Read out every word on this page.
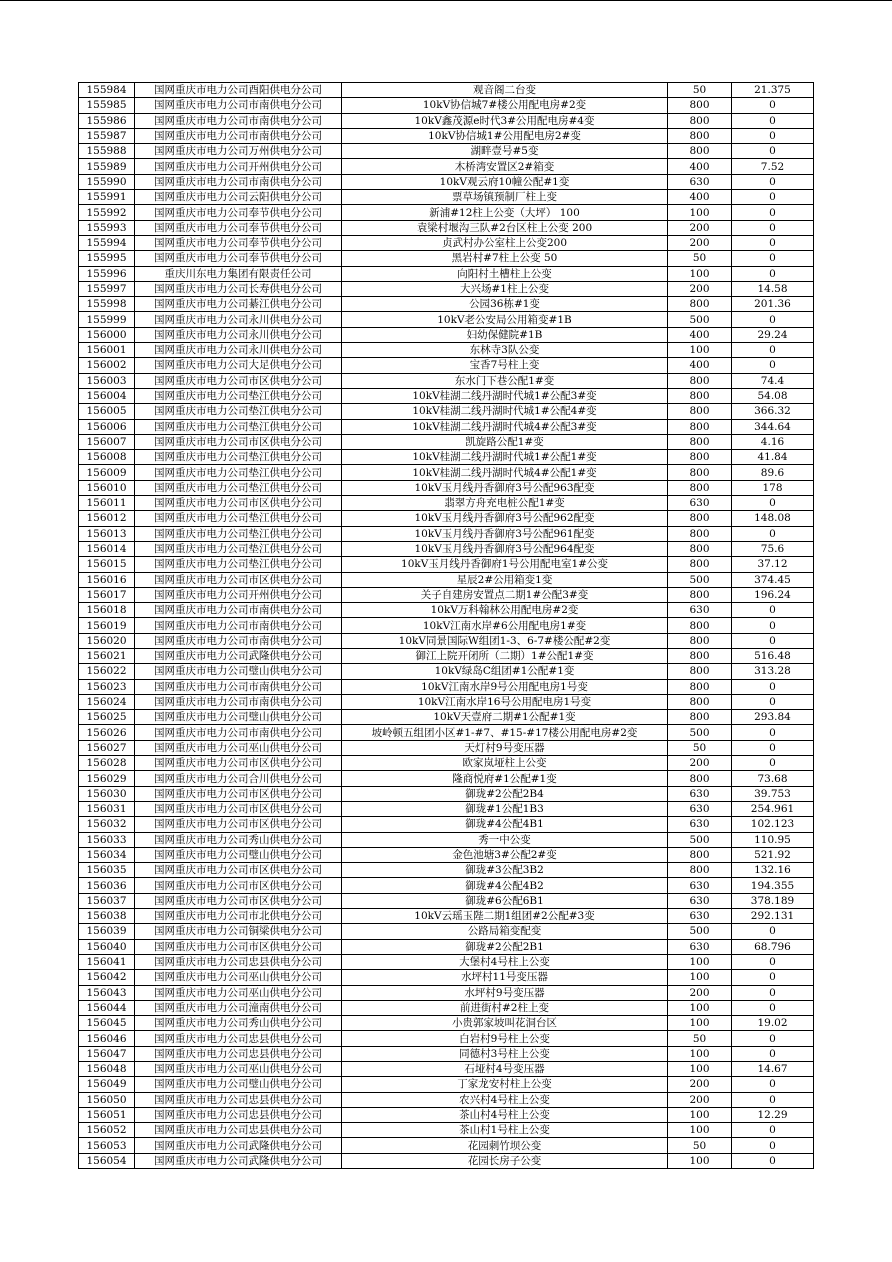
155984	国网重庆市电力公司酉阳供电分公司	观音阁二台变	50	21.375
155985	国网重庆市电力公司市南供电分公司	10kV协信城7#楼公用配电房#2变	800	0
155986	国网重庆市电力公司市南供电分公司	10kV鑫茂源e时代3#公用配电房#4变	800	0
155987	国网重庆市电力公司市南供电分公司	10kV协信城1#公用配电房2#变	800	0
155988	国网重庆市电力公司万州供电分公司	湖畔壹号#5变	800	0
155989	国网重庆市电力公司开州供电分公司	木桥湾安置区2#箱变	400	7.52
155990	国网重庆市电力公司市南供电分公司	10kV观云府10幢公配#1变	630	0
155991	国网重庆市电力公司云阳供电分公司	票草场镇预制厂柱上变	400	0
155992	国网重庆市电力公司奉节供电分公司	新浦#12柱上公变（大坪） 100	100	0
155993	国网重庆市电力公司奉节供电分公司	袁梁村堰沟三队#2台区柱上公变 200	200	0
155994	国网重庆市电力公司奉节供电分公司	贞武村办公室柱上公变200	200	0
155995	国网重庆市电力公司奉节供电分公司	黑岩村#7柱上公变 50	50	0
155996	重庆川东电力集团有限责任公司	向阳村土槽柱上公变	100	0
155997	国网重庆市电力公司长寿供电分公司	大兴场#1柱上公变	200	14.58
155998	国网重庆市电力公司綦江供电分公司	公园36栋#1变	800	201.36
155999	国网重庆市电力公司永川供电分公司	10kV老公安局公用箱变#1B	500	0
156000	国网重庆市电力公司永川供电分公司	妇幼保健院#1B	400	29.24
156001	国网重庆市电力公司永川供电分公司	东林寺3队公变	100	0
156002	国网重庆市电力公司大足供电分公司	宝香7号柱上变	400	0
156003	国网重庆市电力公司市区供电分公司	东水门下巷公配1#变	800	74.4
156004	国网重庆市电力公司垫江供电分公司	10kV桂湖二线丹湖时代城1#公配3#变	800	54.08
156005	国网重庆市电力公司垫江供电分公司	10kV桂湖二线丹湖时代城1#公配4#变	800	366.32
156006	国网重庆市电力公司垫江供电分公司	10kV桂湖二线丹湖时代城4#公配3#变	800	344.64
156007	国网重庆市电力公司市区供电分公司	凯旋路公配1#变	800	4.16
156008	国网重庆市电力公司垫江供电分公司	10kV桂湖二线丹湖时代城1#公配1#变	800	41.84
156009	国网重庆市电力公司垫江供电分公司	10kV桂湖二线丹湖时代城4#公配1#变	800	89.6
156010	国网重庆市电力公司垫江供电分公司	10kV玉月线丹香御府3号公配963配变	800	178
156011	国网重庆市电力公司市区供电分公司	翡翠方舟充电桩公配1#变	630	0
156012	国网重庆市电力公司垫江供电分公司	10kV玉月线丹香御府3号公配962配变	800	148.08
156013	国网重庆市电力公司垫江供电分公司	10kV玉月线丹香御府3号公配961配变	800	0
156014	国网重庆市电力公司垫江供电分公司	10kV玉月线丹香御府3号公配964配变	800	75.6
156015	国网重庆市电力公司垫江供电分公司	10kV玉月线丹香御府1号公用配电室1#公变	800	37.12
156016	国网重庆市电力公司市区供电分公司	星辰2#公用箱变1变	500	374.45
156017	国网重庆市电力公司开州供电分公司	关子自建房安置点二期1#公配3#变	800	196.24
156018	国网重庆市电力公司市南供电分公司	10kV万科翰林公用配电房#2变	630	0
156019	国网重庆市电力公司市南供电分公司	10kV江南水岸#6公用配电房1#变	800	0
156020	国网重庆市电力公司市南供电分公司	10kV同景国际W组团1-3、6-7#楼公配#2变	800	0
156021	国网重庆市电力公司武隆供电分公司	御江上院开闭所（二期）1#公配1#变	800	516.48
156022	国网重庆市电力公司璧山供电分公司	10kV绿岛C组团#1公配#1变	800	313.28
156023	国网重庆市电力公司市南供电分公司	10kV江南水岸9号公用配电房1号变	800	0
156024	国网重庆市电力公司市南供电分公司	10kV江南水岸16号公用配电房1号变	800	0
156025	国网重庆市电力公司璧山供电分公司	10kV天壹府二期#1公配#1变	800	293.84
156026	国网重庆市电力公司市南供电分公司	坡岭顿五组团小区#1-#7、#15-#17楼公用配电房#2变	500	0
156027	国网重庆市电力公司巫山供电分公司	天灯村9号变压器	50	0
156028	国网重庆市电力公司市区供电分公司	欧家岚垭柱上公变	200	0
156029	国网重庆市电力公司合川供电分公司	隆商悦府#1公配#1变	800	73.68
156030	国网重庆市电力公司市区供电分公司	御珑#2公配2B4	630	39.753
156031	国网重庆市电力公司市区供电分公司	御珑#1公配1B3	630	254.961
156032	国网重庆市电力公司市区供电分公司	御珑#4公配4B1	630	102.123
156033	国网重庆市电力公司秀山供电分公司	秀一中公变	500	110.95
156034	国网重庆市电力公司璧山供电分公司	金色池塘3#公配2#变	800	521.92
156035	国网重庆市电力公司市区供电分公司	御珑#3公配3B2	800	132.16
156036	国网重庆市电力公司市区供电分公司	御珑#4公配4B2	630	194.355
156037	国网重庆市电力公司市区供电分公司	御珑#6公配6B1	630	378.189
156038	国网重庆市电力公司市北供电分公司	10kV云瑶玉陛二期1组团#2公配#3变	630	292.131
156039	国网重庆市电力公司铜梁供电分公司	公路局箱变配变	500	0
156040	国网重庆市电力公司市区供电分公司	御珑#2公配2B1	630	68.796
156041	国网重庆市电力公司忠县供电分公司	大堡村4号柱上公变	100	0
156042	国网重庆市电力公司巫山供电分公司	水坪村11号变压器	100	0
156043	国网重庆市电力公司巫山供电分公司	水坪村9号变压器	200	0
156044	国网重庆市电力公司潼南供电分公司	前进街村#2柱上变	100	0
156045	国网重庆市电力公司秀山供电分公司	小贵郭家坡叫花洞台区	100	19.02
156046	国网重庆市电力公司忠县供电分公司	白岩村9号柱上公变	50	0
156047	国网重庆市电力公司忠县供电分公司	同德村3号柱上公变	100	0
156048	国网重庆市电力公司巫山供电分公司	石垭村4号变压器	100	14.67
156049	国网重庆市电力公司璧山供电分公司	丁家龙安村柱上公变	200	0
156050	国网重庆市电力公司忠县供电分公司	农兴村4号柱上公变	200	0
156051	国网重庆市电力公司忠县供电分公司	茶山村4号柱上公变	100	12.29
156052	国网重庆市电力公司忠县供电分公司	茶山村1号柱上公变	100	0
156053	国网重庆市电力公司武隆供电分公司	花园刺竹坝公变	50	0
156054	国网重庆市电力公司武隆供电分公司	花园长房子公变	100	0
